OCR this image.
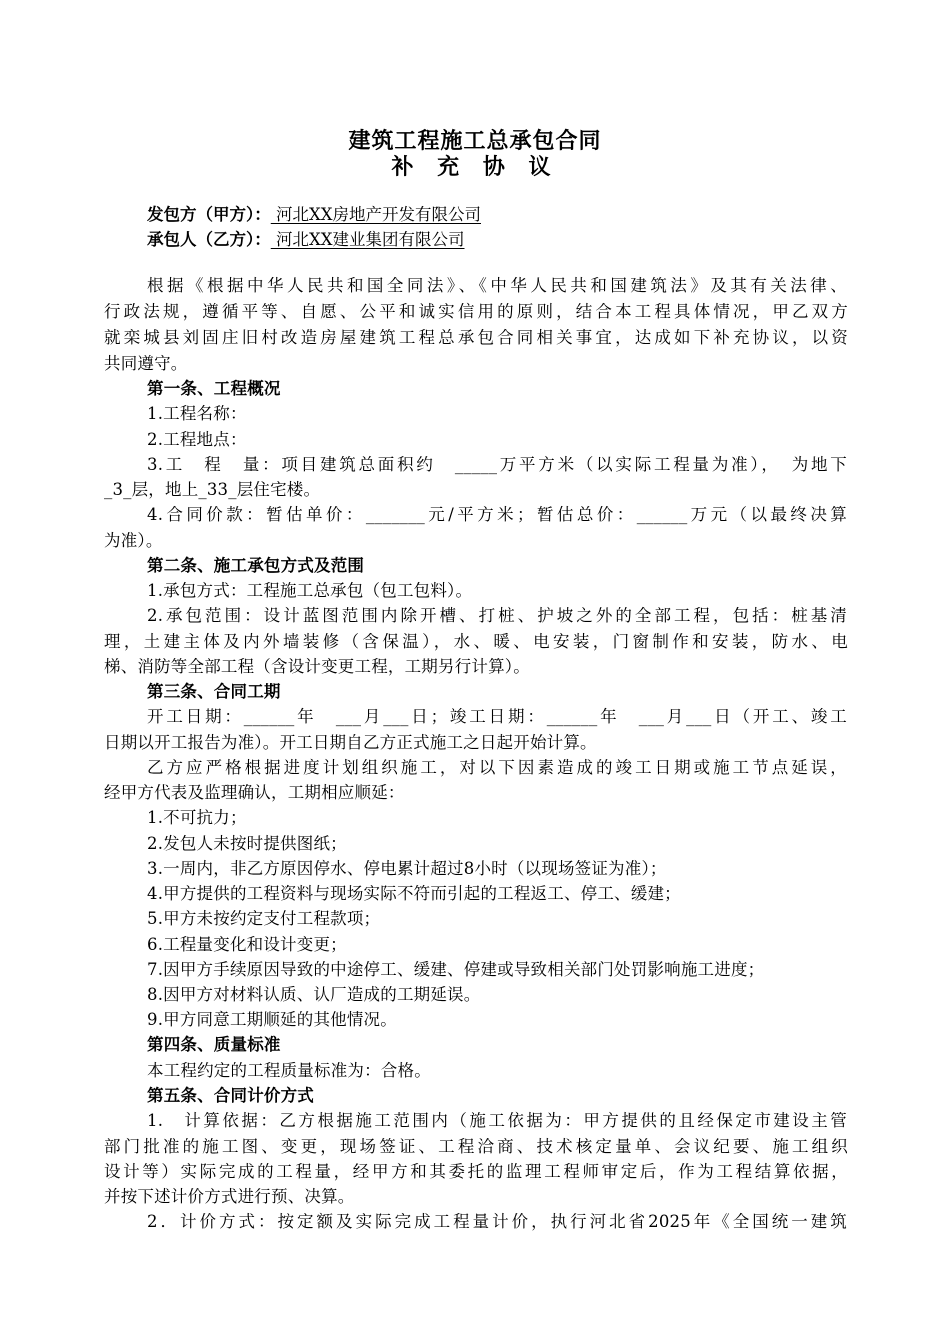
建筑工程施工总承包合同
补 充 协 议
发包方（甲方）： 河北XX房地产开发有限公司
承包人（乙方）： 河北XX建业集团有限公司
根据《根据中华人民共和国全同法》、《中华人民共和国建筑法》及其有关法律、
行政法规，遵循平等、自愿、公平和诚实信用的原则，结合本工程具体情况，甲乙双方
就栾城县刘固庄旧村改造房屋建筑工程总承包合同相关事宜，达成如下补充协议，以资
共同遵守。
第一条、工程概况
1.工程名称：
2.工程地点：
3.工　程　量：项目建筑总面积约　_____万平方米（以实际工程量为准），　为地下
_3_层，地上_33_层住宅楼。
4.合同价款：暂估单价：_______元/平方米；暂估总价：______万元（以最终决算
为准）。
第二条、施工承包方式及范围
1.承包方式：工程施工总承包（包工包料）。
2.承包范围：设计蓝图范围内除开槽、打桩、护坡之外的全部工程，包括：桩基清
理，土建主体及内外墙装修（含保温），水、暖、电安装，门窗制作和安装，防水、电
梯、消防等全部工程（含设计变更工程，工期另行计算）。
第三条、合同工期
开工日期：______年　___月___日；竣工日期：______年　___月___日（开工、竣工
日期以开工报告为准）。开工日期自乙方正式施工之日起开始计算。
乙方应严格根据进度计划组织施工，对以下因素造成的竣工日期或施工节点延误，
经甲方代表及监理确认，工期相应顺延：
1.不可抗力；
2.发包人未按时提供图纸；
3.一周内，非乙方原因停水、停电累计超过8小时（以现场签证为准）；
4.甲方提供的工程资料与现场实际不符而引起的工程返工、停工、缓建；
5.甲方未按约定支付工程款项；
6.工程量变化和设计变更；
7.因甲方手续原因导致的中途停工、缓建、停建或导致相关部门处罚影响施工进度；
8.因甲方对材料认质、认厂造成的工期延误。
9.甲方同意工期顺延的其他情况。
第四条、质量标准
本工程约定的工程质量标准为：合格。
第五条、合同计价方式
1.　计算依据：乙方根据施工范围内（施工依据为：甲方提供的且经保定市建设主管
部门批准的施工图、变更，现场签证、工程洽商、技术核定量单、会议纪要、施工组织
设计等）实际完成的工程量，经甲方和其委托的监理工程师审定后，作为工程结算依据，
并按下述计价方式进行预、决算。
2．计价方式：按定额及实际完成工程量计价，执行河北省2025年《全国统一建筑
